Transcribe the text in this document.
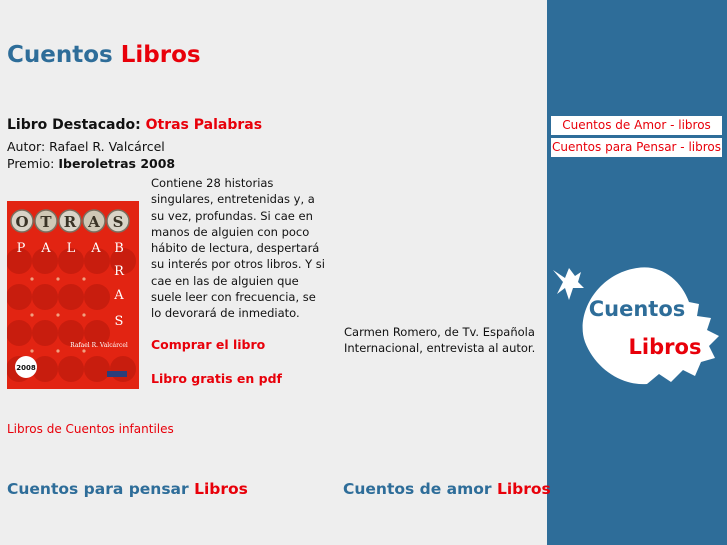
Cuentos Libros
Libro Destacado: Otras Palabras
Autor: Rafael R. Valcárcel
Premio: Iberoletras 2008
O T R A S
P A L A B
R
A
S
Rafael R. Valcárcel
2008
Contiene 28 historias singulares, entretenidas y, a su vez, profundas. Si cae en manos de alguien con poco hábito de lectura, despertará su interés por otros libros. Y si cae en las de alguien que suele leer con frecuencia, se lo devorará de inmediato.
Comprar el libro
Libro gratis en pdf
Carmen Romero, de Tv. Española Internacional, entrevista al autor.
Libros de Cuentos infantiles
Cuentos para pensar Libros	Cuentos de amor Libros
Cuentos de Amor - libros
Cuentos para Pensar - libros
Cuentos
Libros
